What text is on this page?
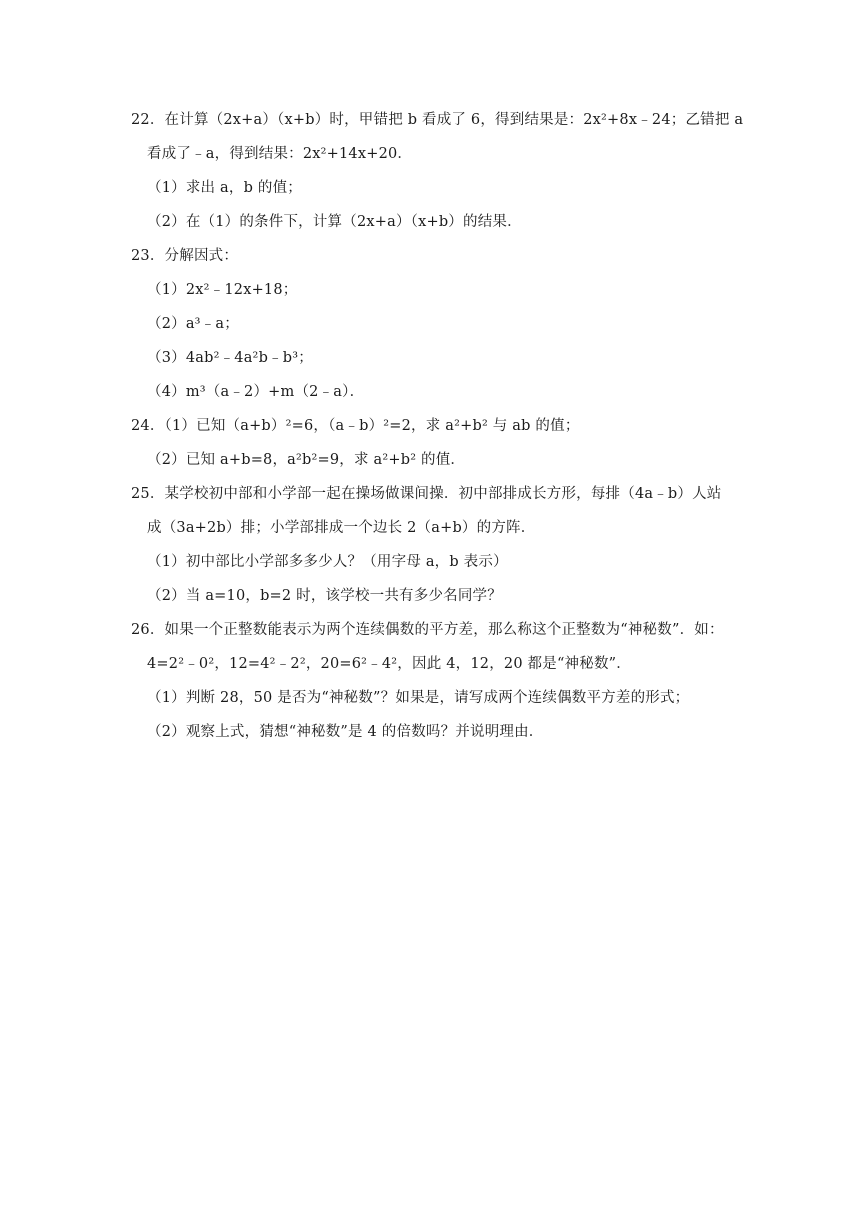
22．在计算（2x+a）（x+b）时，甲错把 b 看成了 6，得到结果是：2x²+8x﹣24；乙错把 a
看成了﹣a，得到结果：2x²+14x+20．
（1）求出 a，b 的值；
（2）在（1）的条件下，计算（2x+a）（x+b）的结果．
23．分解因式：
（1）2x²﹣12x+18；
（2）a³﹣a；
（3）4ab²﹣4a²b﹣b³；
（4）m³（a﹣2）+m（2﹣a）．
24．（1）已知（a+b）²=6，（a﹣b）²=2，求 a²+b² 与 ab 的值；
（2）已知 a+b=8，a²b²=9，求 a²+b² 的值．
25．某学校初中部和小学部一起在操场做课间操．初中部排成长方形，每排（4a﹣b）人站
成（3a+2b）排；小学部排成一个边长 2（a+b）的方阵．
（1）初中部比小学部多多少人？（用字母 a，b 表示）
（2）当 a=10，b=2 时，该学校一共有多少名同学？
26．如果一个正整数能表示为两个连续偶数的平方差，那么称这个正整数为“神秘数”．如：
4=2²﹣0²，12=4²﹣2²，20=6²﹣4²，因此 4，12，20 都是“神秘数”．
（1）判断 28，50 是否为“神秘数”？如果是，请写成两个连续偶数平方差的形式；
（2）观察上式，猜想“神秘数”是 4 的倍数吗？并说明理由．
